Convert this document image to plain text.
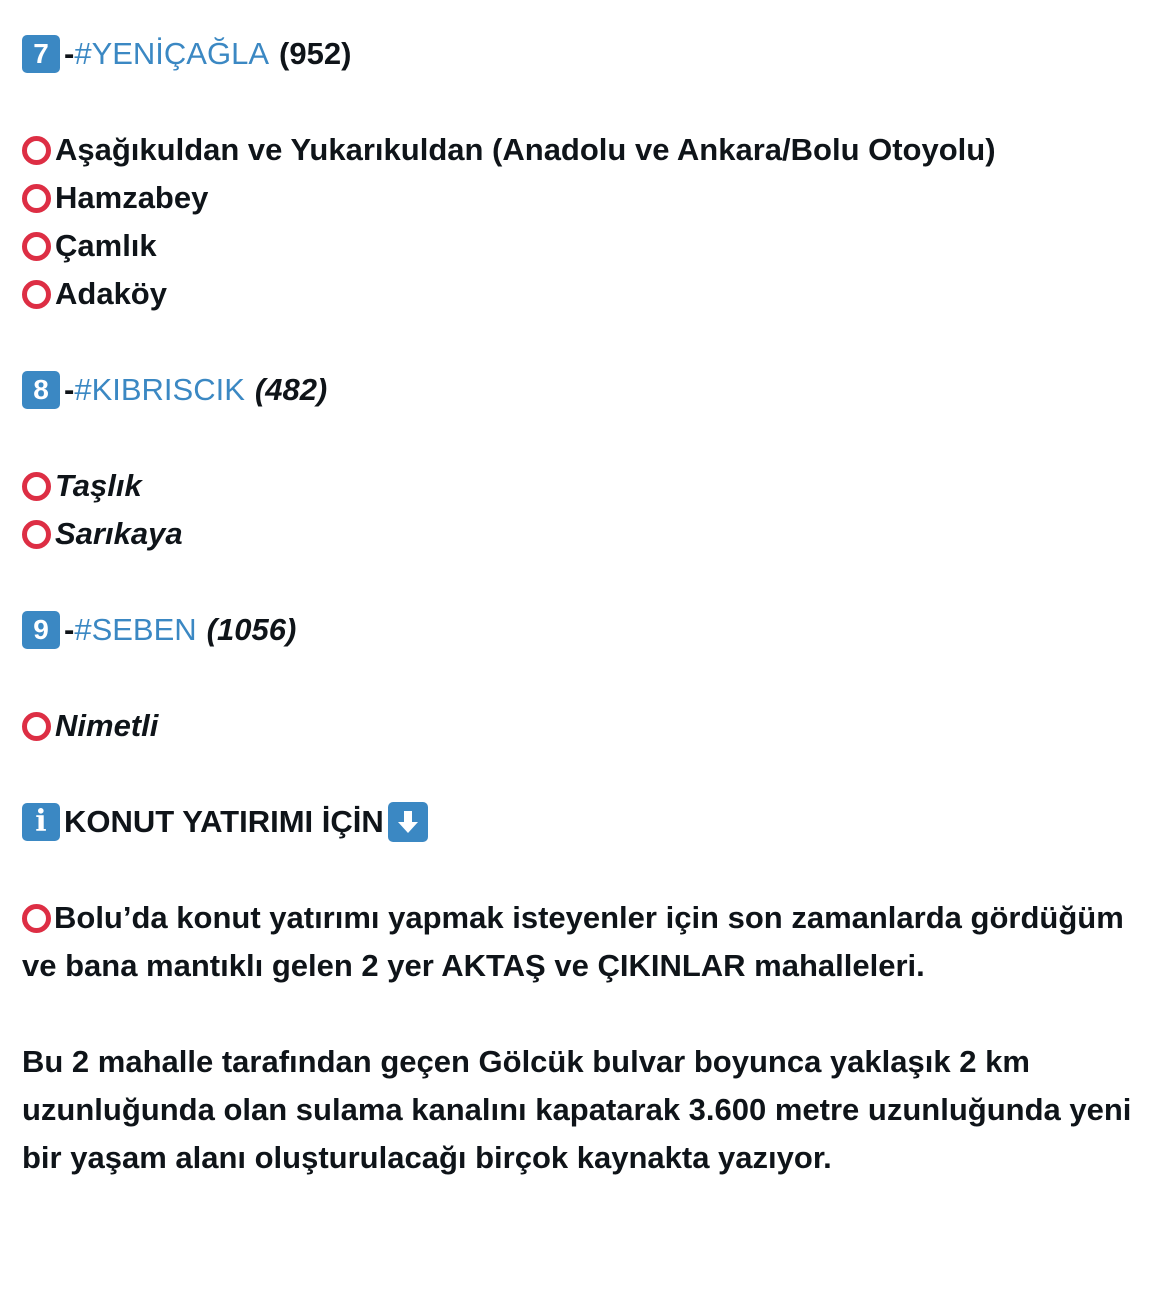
7 - #YENİÇAĞLA (952)
Aşağıkuldan ve Yukarıkuldan (Anadolu ve Ankara/Bolu Otoyolu)
Hamzabey
Çamlık
Adaköy
8 - #KIBRISCIK (482)
Taşlık
Sarıkaya
9 - #SEBEN (1056)
Nimetli
i KONUT YATIRIMI İÇİN
Bolu’da konut yatırımı yapmak isteyenler için son zamanlarda gördüğüm ve bana mantıklı gelen 2 yer AKTAŞ ve ÇIKINLAR mahalleleri.
Bu 2 mahalle tarafından geçen Gölcük bulvar boyunca yaklaşık 2 km uzunluğunda olan sulama kanalını kapatarak 3.600 metre uzunluğunda yeni bir yaşam alanı oluşturulacağı birçok kaynakta yazıyor.
